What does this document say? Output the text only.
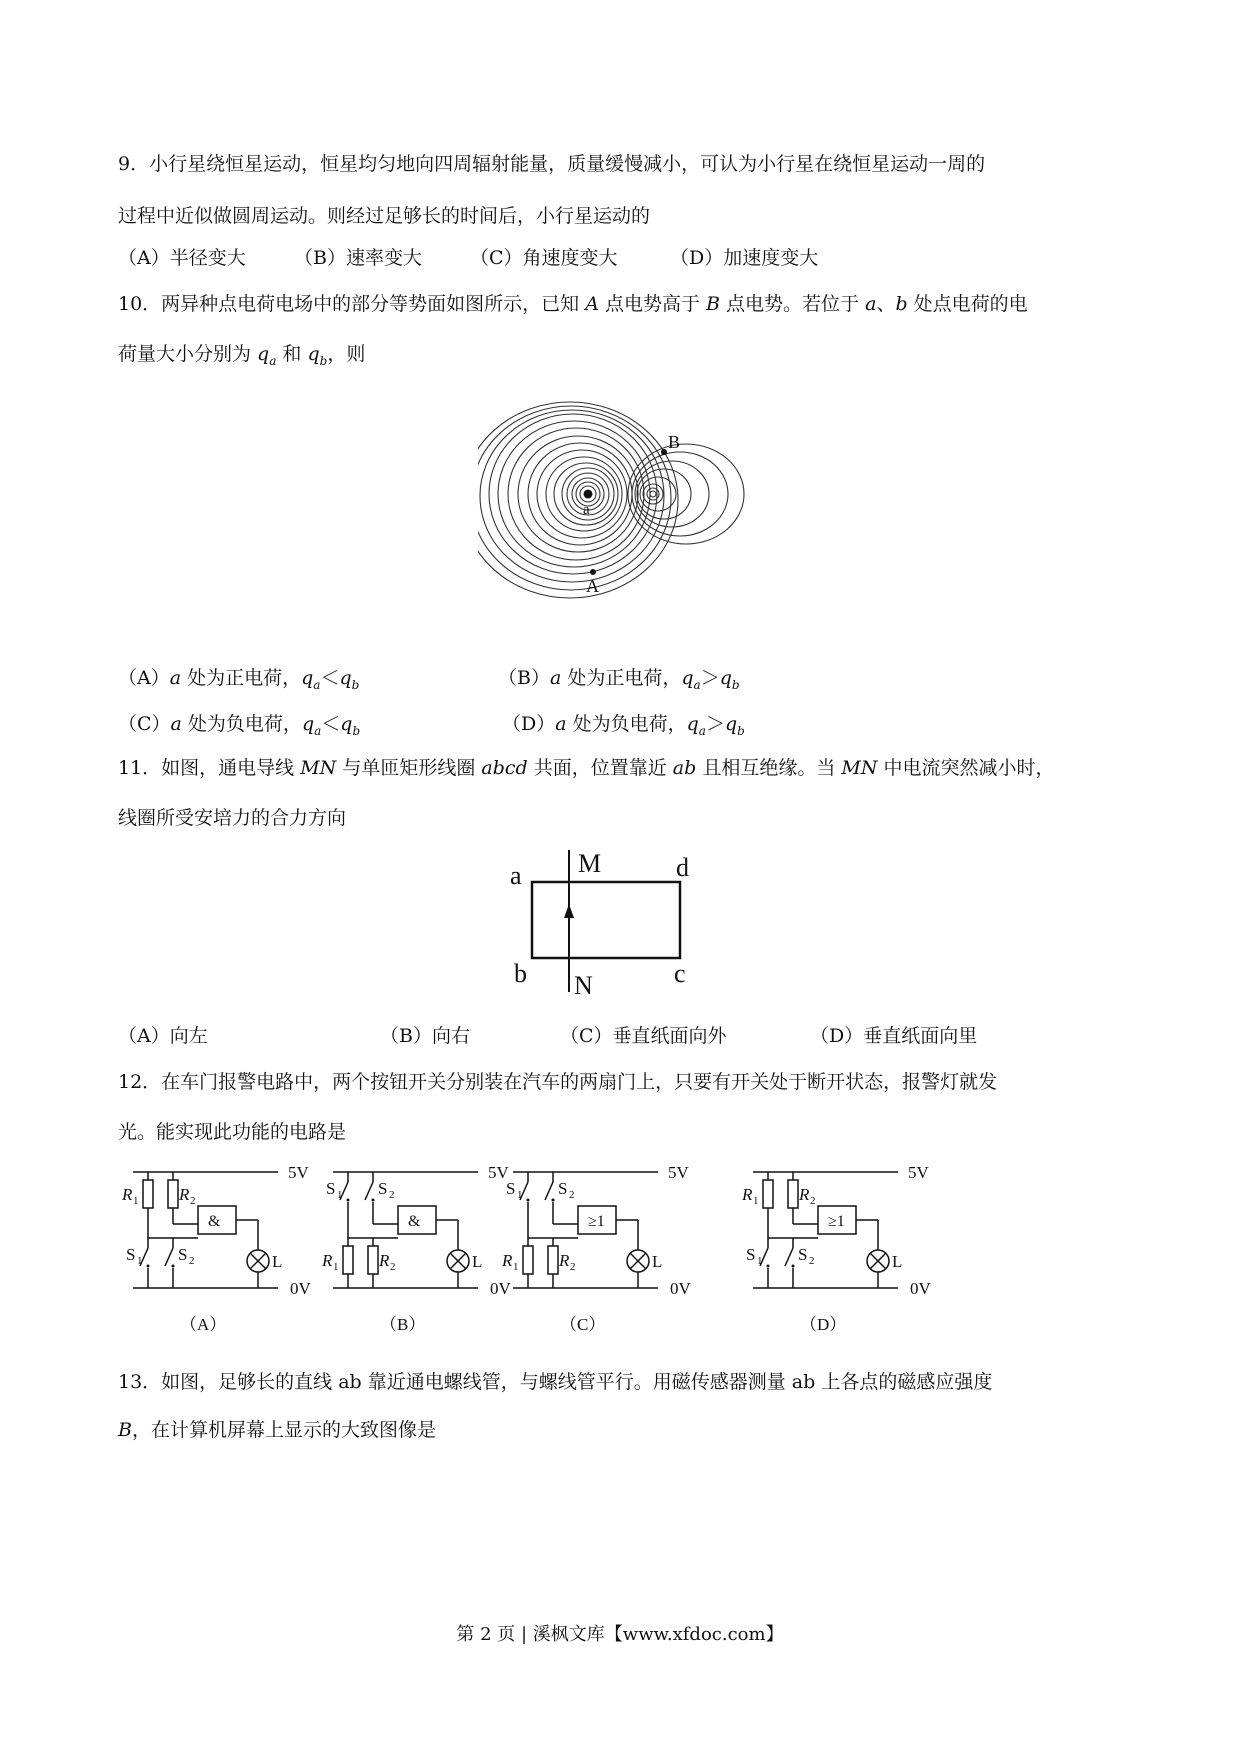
9．小行星绕恒星运动，恒星均匀地向四周辐射能量，质量缓慢减小，可认为小行星在绕恒星运动一周的
过程中近似做圆周运动。则经过足够长的时间后，小行星运动的
（A）半径变大	（B）速率变大	（C）角速度变大	（D）加速度变大
10．两异种点电荷电场中的部分等势面如图所示，已知 A 点电势高于 B 点电势。若位于 a、b 处点电荷的电
荷量大小分别为 $q_a$ 和 $q_b$，则
B
a
A
（A）a 处为正电荷，$q_a<q_b$	（B）a 处为正电荷，$q_a>q_b$
（C）a 处为负电荷，$q_a<q_b$	（D）a 处为负电荷，$q_a>q_b$
11．如图，通电导线 MN 与单匝矩形线圈 abcd 共面，位置靠近 ab 且相互绝缘。当 MN 中电流突然减小时，
线圈所受安培力的合力方向
M
N
a
b	c
d
（A）向左	（B）向右	（C）垂直纸面向外	（D）垂直纸面向里
12．在车门报警电路中，两个按钮开关分别装在汽车的两扇门上，只要有开关处于断开状态，报警灯就发
光。能实现此功能的电路是
5V
0V
R 1 R 2
S 1 S 2
&
L
（A）
5V
0V
S 1 S 2
R 1 R 2
&
L
（B）
5V
0V
S 1 S 2
R 1 R 2
≥1
L
（C）
5V
0V
R 1 R 2
S 1 S 2
≥1
L
（D）
13．如图，足够长的直线 ab 靠近通电螺线管，与螺线管平行。用磁传感器测量 ab 上各点的磁感应强度
B，在计算机屏幕上显示的大致图像是
第 2 页 | 溪枫文库【www.xfdoc.com】
